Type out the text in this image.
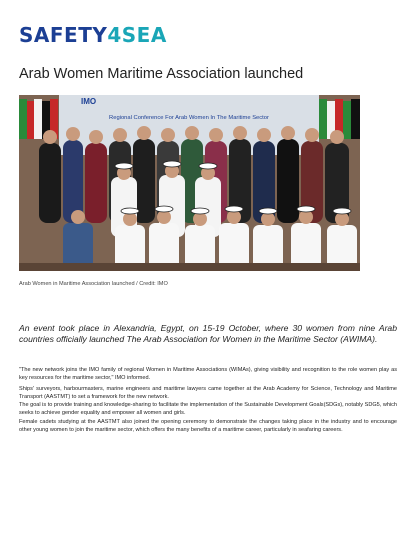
SAFETY4SEA
Arab Women Maritime Association launched
IMO
Regional Conference For Arab Women In The Maritime Sector
Arab Women in Maritime Association launched / Credit: IMO
An event took place in Alexandria, Egypt, on 15-19 October, where 30 women from nine Arab countries officially launched The Arab Association for Women in the Maritime Sector (AWIMA).

"The new network joins the IMO family of regional Women in Maritime Associations (WIMAs), giving visibility and recognition to the role women play as key resources for the maritime sector," IMO informed.

Ships' surveyors, harbourmasters, marine engineers and maritime lawyers came together at the Arab Academy for Science, Technology and Maritime Transport (AASTMT) to set a framework for the new network.

The goal is to provide training and knowledge-sharing to facilitate the implementation of the Sustainable Development Goals(SDGs), notably SDG5, which seeks to achieve gender equality and empower all women and girls.

Female cadets studying at the AASTMT also joined the opening ceremony to demonstrate the changes taking place in the industry and to encourage other young women to join the maritime sector, which offers the many benefits of a maritime career, particularly in seafaring careers.
